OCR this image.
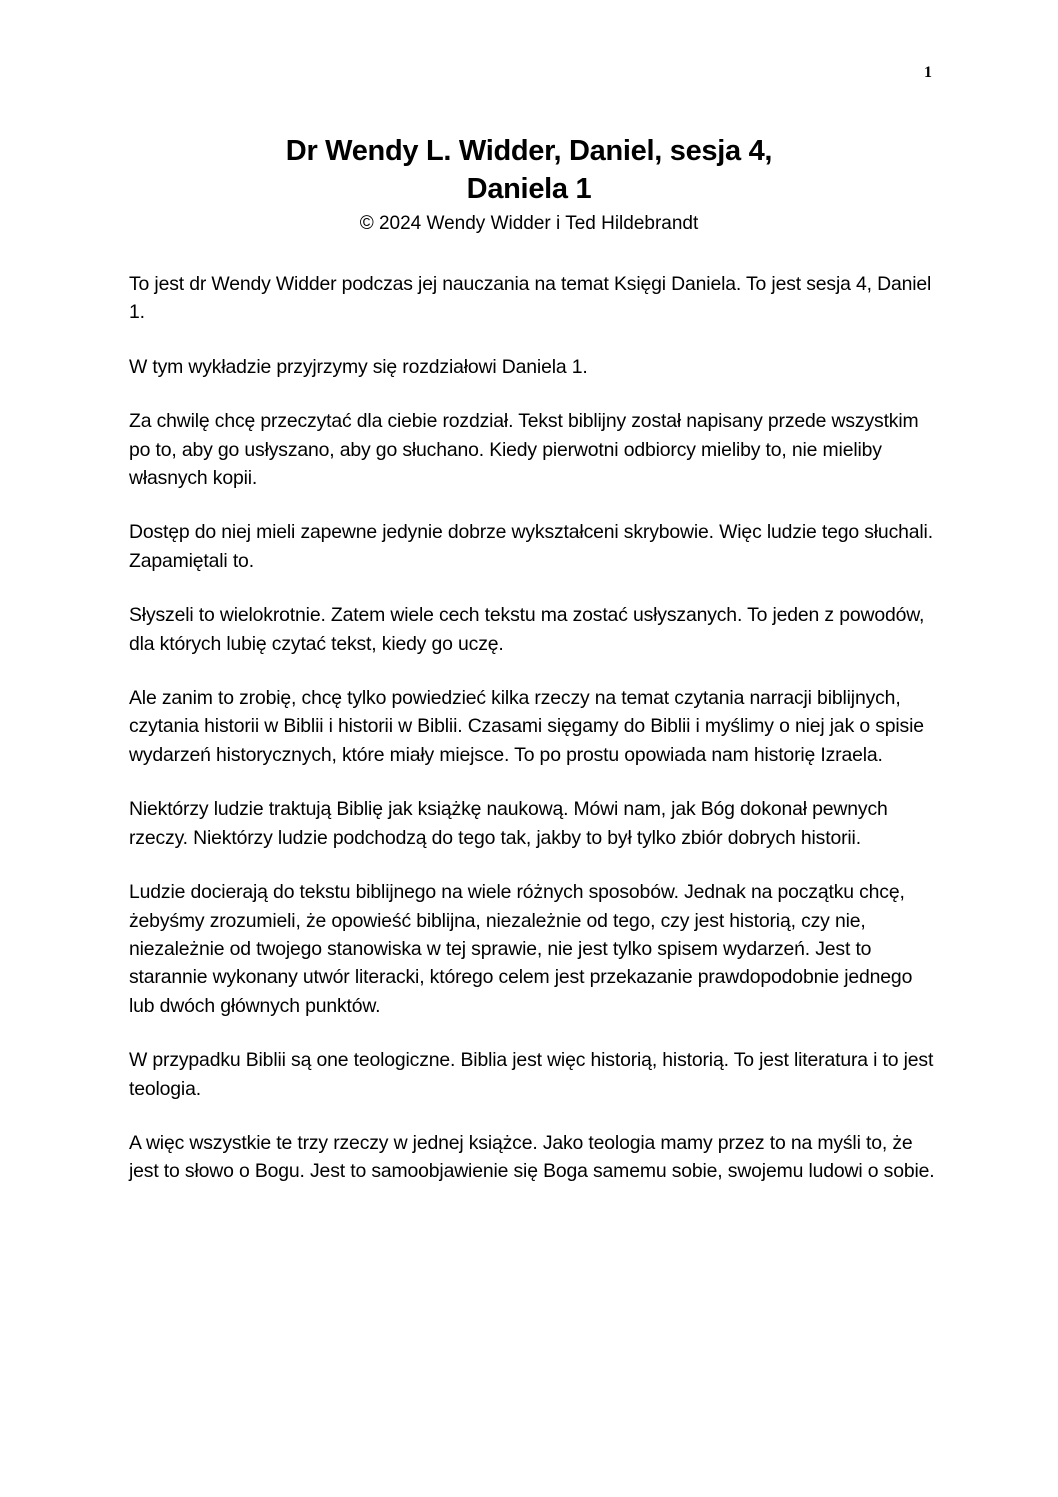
1
Dr Wendy L. Widder, Daniel, sesja 4,
Daniela 1
© 2024 Wendy Widder i Ted Hildebrandt

To jest dr Wendy Widder podczas jej nauczania na temat Księgi Daniela. To jest sesja 4, Daniel 1.

W tym wykładzie przyjrzymy się rozdziałowi Daniela 1.

Za chwilę chcę przeczytać dla ciebie rozdział. Tekst biblijny został napisany przede wszystkim po to, aby go usłyszano, aby go słuchano. Kiedy pierwotni odbiorcy mieliby to, nie mieliby własnych kopii.

Dostęp do niej mieli zapewne jedynie dobrze wykształceni skrybowie. Więc ludzie tego słuchali. Zapamiętali to.

Słyszeli to wielokrotnie. Zatem wiele cech tekstu ma zostać usłyszanych. To jeden z powodów, dla których lubię czytać tekst, kiedy go uczę.

Ale zanim to zrobię, chcę tylko powiedzieć kilka rzeczy na temat czytania narracji biblijnych, czytania historii w Biblii i historii w Biblii. Czasami sięgamy do Biblii i myślimy o niej jak o spisie wydarzeń historycznych, które miały miejsce. To po prostu opowiada nam historię Izraela.

Niektórzy ludzie traktują Biblię jak książkę naukową. Mówi nam, jak Bóg dokonał pewnych rzeczy. Niektórzy ludzie podchodzą do tego tak, jakby to był tylko zbiór dobrych historii.

Ludzie docierają do tekstu biblijnego na wiele różnych sposobów. Jednak na początku chcę, żebyśmy zrozumieli, że opowieść biblijna, niezależnie od tego, czy jest historią, czy nie, niezależnie od twojego stanowiska w tej sprawie, nie jest tylko spisem wydarzeń. Jest to starannie wykonany utwór literacki, którego celem jest przekazanie prawdopodobnie jednego lub dwóch głównych punktów.

W przypadku Biblii są one teologiczne. Biblia jest więc historią, historią. To jest literatura i to jest teologia.

A więc wszystkie te trzy rzeczy w jednej książce. Jako teologia mamy przez to na myśli to, że jest to słowo o Bogu. Jest to samoobjawienie się Boga samemu sobie, swojemu ludowi o sobie.
